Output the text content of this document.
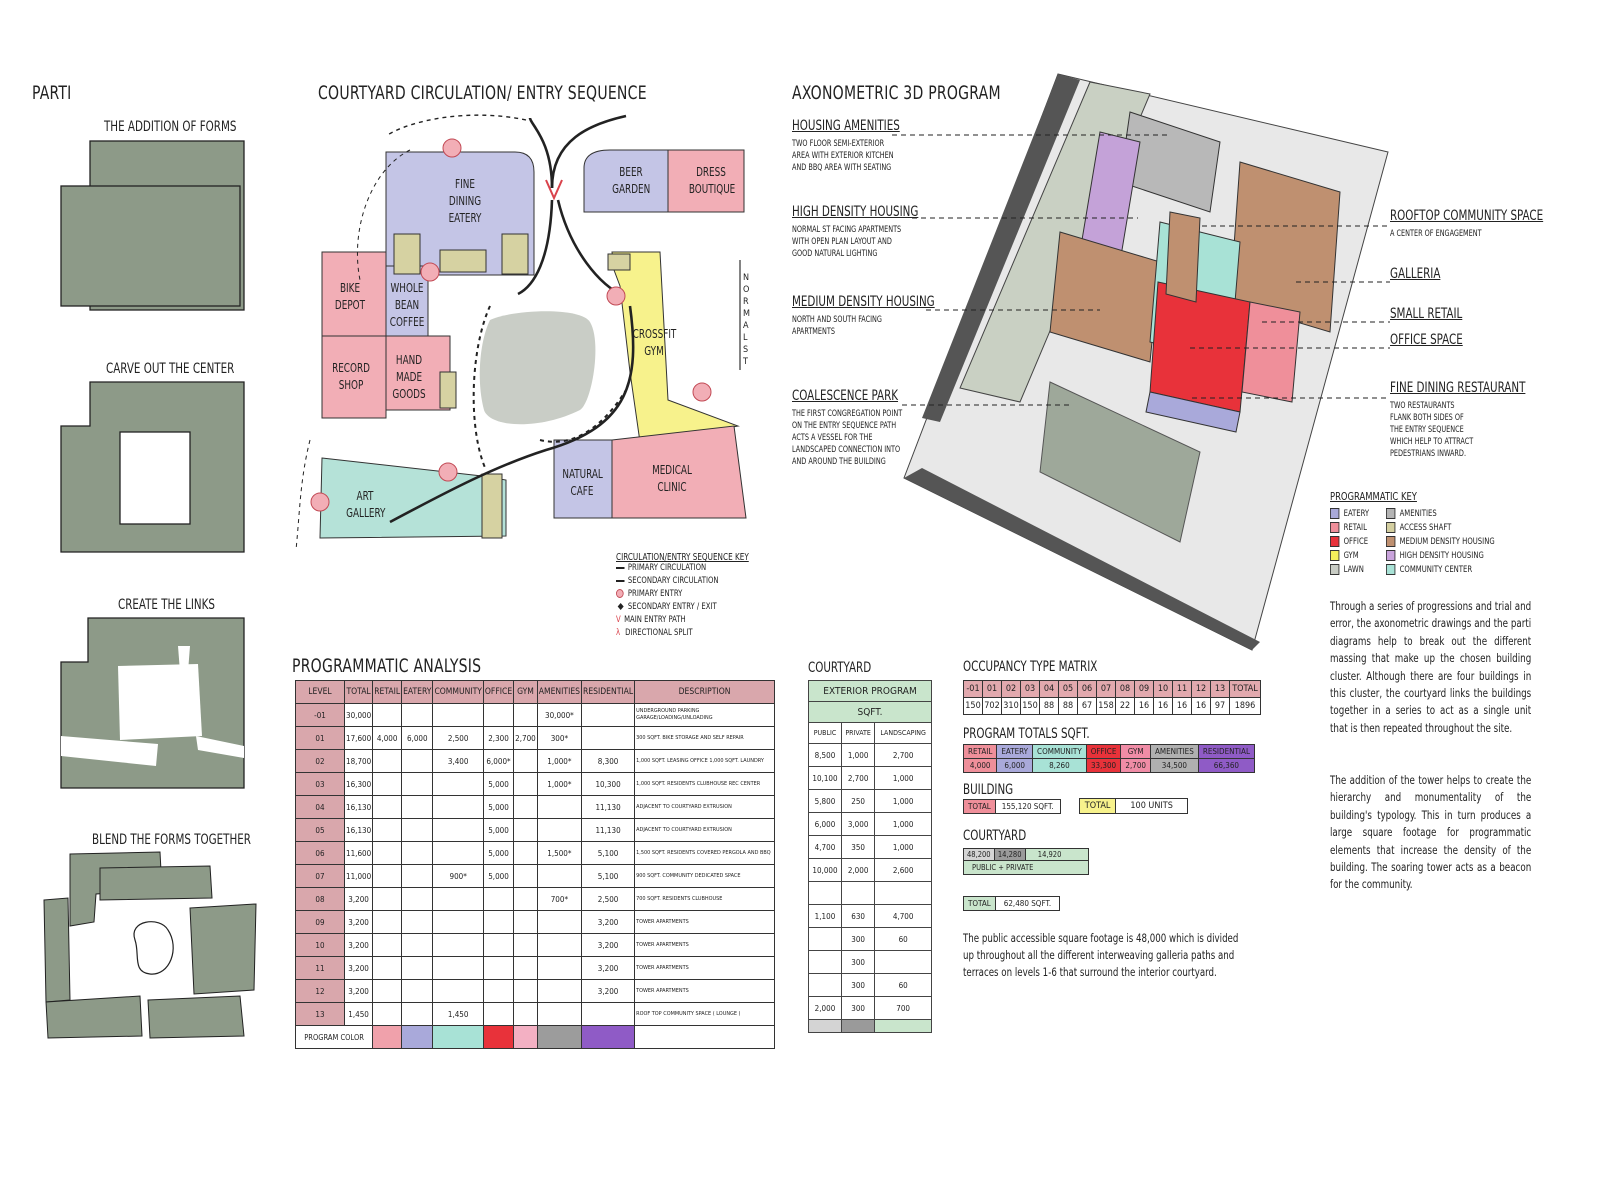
PARTI
THE ADDITION OF FORMS
CARVE OUT THE CENTER
CREATE THE LINKS
BLEND THE FORMS TOGETHER
COURTYARD CIRCULATION/ ENTRY SEQUENCE
FINE DINING EATERY
BEER GARDEN
DRESS BOUTIQUE
BIKE DEPOT
WHOLE BEAN COFFEE
RECORD SHOP
HAND MADE GOODS
CROSSFIT GYM
ART GALLERY
NATURAL CAFE
MEDICAL CLINIC
NORMAL ST
CIRCULATION/ENTRY SEQUENCE KEY
PRIMARY CIRCULATION
SECONDARY CIRCULATION
PRIMARY ENTRY
SECONDARY ENTRY / EXIT
V MAIN ENTRY PATH
λ DIRECTIONAL SPLIT
AXONOMETRIC 3D PROGRAM
HOUSING AMENITIES
TWO FLOOR SEMI-EXTERIOR AREA WITH EXTERIOR KITCHEN AND BBQ AREA WITH SEATING
HIGH DENSITY HOUSING
NORMAL ST FACING APARTMENTS WITH OPEN PLAN LAYOUT AND GOOD NATURAL LIGHTING
MEDIUM DENSITY HOUSING
NORTH AND SOUTH FACING APARTMENTS
COALESCENCE PARK
THE FIRST CONGREGATION POINT ON THE ENTRY SEQUENCE PATH ACTS A VESSEL FOR THE LANDSCAPED CONNECTION INTO AND AROUND THE BUILDING
ROOFTOP COMMUNITY SPACE
A CENTER OF ENGAGEMENT
GALLERIA
SMALL RETAIL
OFFICE SPACE
FINE DINING RESTAURANT
TWO RESTAURANTS FLANK BOTH SIDES OF THE ENTRY SEQUENCE WHICH HELP TO ATTRACT PEDESTRIANS INWARD.
PROGRAMMATIC KEY
EATERY	AMENITIES
RETAIL	ACCESS SHAFT
OFFICE	MEDIUM DENSITY HOUSING
GYM	HIGH DENSITY HOUSING
LAWN	COMMUNITY CENTER
Through a series of progressions and trial and error, the axonometric drawings and the parti diagrams help to break out the different massing that make up the chosen building cluster. Although there are four buildings in this cluster, the courtyard links the buildings together in a series to act as a single unit that is then repeated throughout the site.
The addition of the tower helps to create the hierarchy and monumentality of the building's typology. This in turn produces a large square footage for programmatic elements that increase the density of the building. The soaring tower acts as a beacon for the community.
PROGRAMMATIC ANALYSIS
LEVEL	TOTAL	RETAIL	EATERY	COMMUNITY	OFFICE	GYM	AMENITIES	RESIDENTIAL	DESCRIPTION
-01	30,000						30,000*		UNDERGROUND PARKING GARAGE/LOADING/UNLOADING
01	17,600	4,000	6,000	2,500	2,300	2,700	300*		300 SQFT. BIKE STORAGE AND SELF REPAIR
02	18,700			3,400	6,000*		1,000*	8,300	1,000 SQFT. LEASING OFFICE 1,000 SQFT. LAUNDRY
03	16,300				5,000		1,000*	10,300	1,000 SQFT. RESIDENTS CLUBHOUSE REC CENTER
04	16,130				5,000			11,130	ADJACENT TO COURTYARD EXTRUSION
05	16,130				5,000			11,130	ADJACENT TO COURTYARD EXTRUSION
06	11,600				5,000		1,500*	5,100	1,500 SQFT. RESIDENTS COVERED PERGOLA AND BBQ
07	11,000			900*	5,000			5,100	900 SQFT. COMMUNITY DEDICATED SPACE
08	3,200						700*	2,500	700 SQFT. RESIDENTS CLUBHOUSE
09	3,200							3,200	TOWER APARTMENTS
10	3,200							3,200	TOWER APARTMENTS
11	3,200							3,200	TOWER APARTMENTS
12	3,200							3,200	TOWER APARTMENTS
13	1,450			1,450					ROOF TOP COMMUNITY SPACE ( LOUNGE )
PROGRAM COLOR									
COURTYARD
EXTERIOR PROGRAM		
SQFT.		
PUBLIC	PRIVATE	LANDSCAPING
8,500	1,000	2,700
10,100	2,700	1,000
5,800	250	1,000
6,000	3,000	1,000
4,700	350	1,000
10,000	2,000	2,600

1,100	630	4,700
	300	60
	300	
	300	60
2,000	300	700

OCCUPANCY TYPE MATRIX
-01	01	02	03	04	05	06	07	08	09	10	11	12	13	TOTAL
150	702	310	150	88	88	67	158	22	16	16	16	16	97	1896
PROGRAM TOTALS SQFT.
RETAIL	EATERY	COMMUNITY	OFFICE	GYM	AMENITIES	RESIDENTIAL
4,000	6,000	8,260	33,300	2,700	34,500	66,360
BUILDING
TOTAL	155,120 SQFT.	TOTAL	100 UNITS
COURTYARD
48,200 14,280	14,920
PUBLIC + PRIVATE
TOTAL	62,480 SQFT.
The public accessible square footage is 48,000 which is divided up throughout all the different interweaving galleria paths and terraces on levels 1-6 that surround the interior courtyard.
